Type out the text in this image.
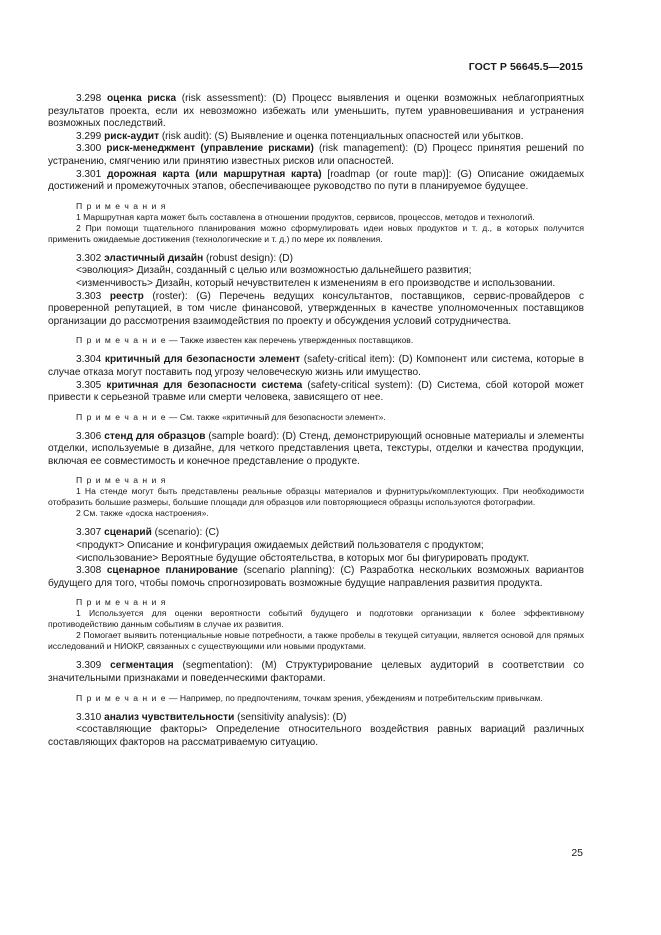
ГОСТ Р 56645.5—2015

3.298 оценка риска (risk assessment): (D) Процесс выявления и оценки возможных неблагоприятных результатов проекта, если их невозможно избежать или уменьшить, путем уравновешивания и устранения возможных последствий.

3.299 риск-аудит (risk audit): (S) Выявление и оценка потенциальных опасностей или убытков.

3.300 риск-менеджмент (управление рисками) (risk management): (D) Процесс принятия решений по устранению, смягчению или принятию известных рисков или опасностей.

3.301 дорожная карта (или маршрутная карта) [roadmap (or route map)]: (G) Описание ожидаемых достижений и промежуточных этапов, обеспечивающее руководство по пути в планируемое будущее.

П р и м е ч а н и я

1 Маршрутная карта может быть составлена в отношении продуктов, сервисов, процессов, методов и технологий.

2 При помощи тщательного планирования можно сформулировать идеи новых продуктов и т. д., в которых получится применить ожидаемые достижения (технологические и т. д.) по мере их появления.

3.302 эластичный дизайн (robust design): (D)

<эволюция> Дизайн, созданный с целью или возможностью дальнейшего развития;

<изменчивость> Дизайн, который нечувствителен к изменениям в его производстве и использовании.

3.303 реестр (roster): (G) Перечень ведущих консультантов, поставщиков, сервис-провайдеров с проверенной репутацией, в том числе финансовой, утвержденных в качестве уполномоченных поставщиков организации до рассмотрения взаимодействия по проекту и обсуждения условий сотрудничества.

П р и м е ч а н и е — Также известен как перечень утвержденных поставщиков.

3.304 критичный для безопасности элемент (safety-critical item): (D) Компонент или система, которые в случае отказа могут поставить под угрозу человеческую жизнь или имущество.

3.305 критичная для безопасности система (safety-critical system): (D) Система, сбой которой может привести к серьезной травме или смерти человека, зависящего от нее.

П р и м е ч а н и е — См. также «критичный для безопасности элемент».

3.306 стенд для образцов (sample board): (D) Стенд, демонстрирующий основные материалы и элементы отделки, используемые в дизайне, для четкого представления цвета, текстуры, отделки и качества продукции, включая ее совместимость и конечное представление о продукте.

П р и м е ч а н и я

1 На стенде могут быть представлены реальные образцы материалов и фурнитуры/комплектующих. При необходимости отобразить большие размеры, большие площади для образцов или повторяющиеся образцы используются фотографии.

2 См. также «доска настроения».

3.307 сценарий (scenario): (C)

<продукт> Описание и конфигурация ожидаемых действий пользователя с продуктом;

<использование> Вероятные будущие обстоятельства, в которых мог бы фигурировать продукт.

3.308 сценарное планирование (scenario planning): (C) Разработка нескольких возможных вариантов будущего для того, чтобы помочь спрогнозировать возможные будущие направления развития продукта.

П р и м е ч а н и я

1 Используется для оценки вероятности событий будущего и подготовки организации к более эффективному противодействию данным событиям в случае их развития.

2 Помогает выявить потенциальные новые потребности, а также пробелы в текущей ситуации, является основой для прямых исследований и НИОКР, связанных с существующими или новыми продуктами.

3.309 сегментация (segmentation): (M) Структурирование целевых аудиторий в соответствии со значительными признаками и поведенческими факторами.

П р и м е ч а н и е — Например, по предпочтениям, точкам зрения, убеждениям и потребительским привычкам.

3.310 анализ чувствительности (sensitivity analysis): (D)

<составляющие факторы> Определение относительного воздействия равных вариаций различных составляющих факторов на рассматриваемую ситуацию.

25
